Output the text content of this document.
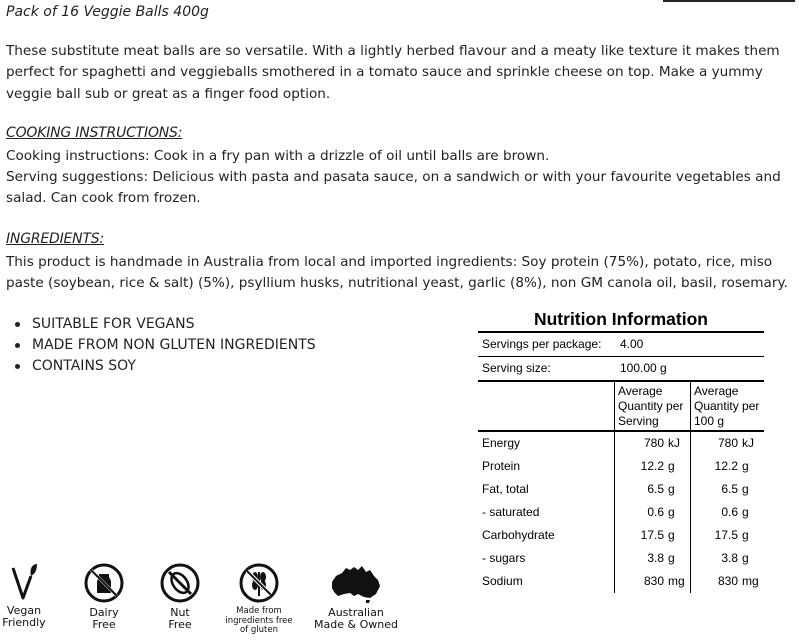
Pack of 16 Veggie Balls 400g

These substitute meat balls are so versatile. With a lightly herbed flavour and a meaty like texture it makes them perfect for spaghetti and veggieballs smothered in a tomato sauce and sprinkle cheese on top. Make a yummy veggie ball sub or great as a finger food option.

COOKING INSTRUCTIONS:

Cooking instructions: Cook in a fry pan with a drizzle of oil until balls are brown.

Serving suggestions: Delicious with pasta and pasata sauce, on a sandwich or with your favourite vegetables and salad. Can cook from frozen.

INGREDIENTS:

This product is handmade in Australia from local and imported ingredients: Soy protein (75%), potato, rice, miso paste (soybean, rice & salt) (5%), psyllium husks, nutritional yeast, garlic (8%), non GM canola oil, basil, rosemary.

SUITABLE FOR VEGANS
MADE FROM NON GLUTEN INGREDIENTS
CONTAINS SOY
Nutrition Information
Servings per package: 4.00
Serving size:	100.00 g
Average Quantity per Serving
Average Quantity per 100 g
Energy	780 kJ	780 kJ
Protein	12.2 g	12.2 g
Fat, total	6.5 g	6.5 g
- saturated	0.6 g	0.6 g
Carbohydrate	17.5 g	17.5 g
- sugars	3.8 g	3.8 g
Sodium	830 mg	830 mg
Vegan
Friendly
Dairy
Free
Nut
Free
Made from
ingredients free
of gluten
Australian
Made & Owned
